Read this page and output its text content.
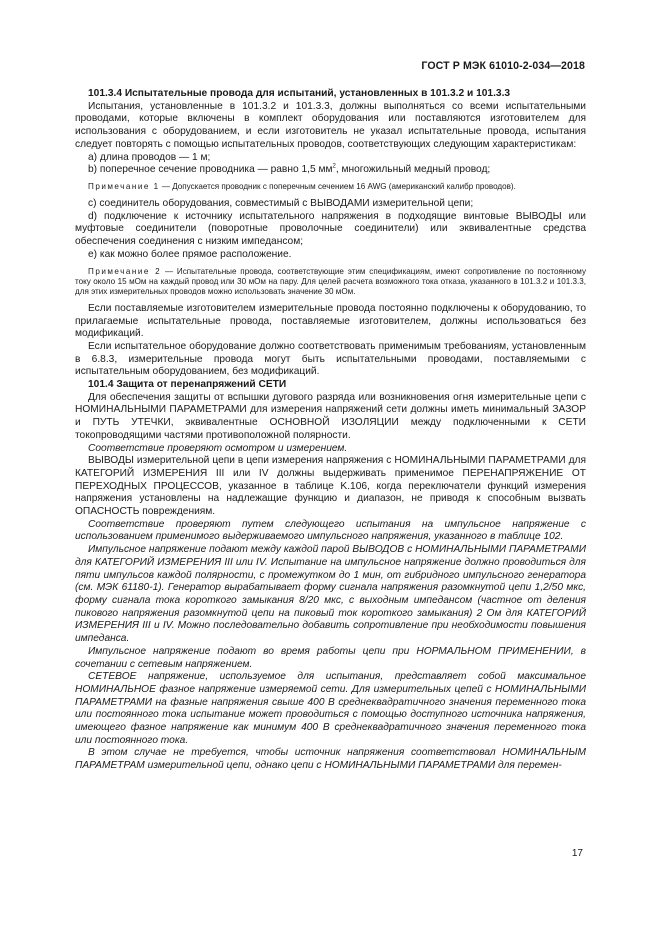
ГОСТ Р МЭК 61010-2-034—2018

101.3.4 Испытательные провода для испытаний, установленных в 101.3.2 и 101.3.3

Испытания, установленные в 101.3.2 и 101.3.3, должны выполняться со всеми испытательными проводами, которые включены в комплект оборудования или поставляются изготовителем для использования с оборудованием, и если изготовитель не указал испытательные провода, испытания следует повторять с помощью испытательных проводов, соответствующих следующим характеристикам:

а) длина проводов — 1 м;

b) поперечное сечение проводника — равно 1,5 $мм^2$, многожильный медный провод;

Примечание 1 — Допускается проводник с поперечным сечением 16 AWG (американский калибр проводов).

c) соединитель оборудования, совместимый с ВЫВОДАМИ измерительной цепи;

d) подключение к источнику испытательного напряжения в подходящие винтовые ВЫВОДЫ или муфтовые соединители (поворотные проволочные соединители) или эквивалентные средства обеспечения соединения с низким импедансом;

е) как можно более прямое расположение.

Примечание 2 — Испытательные провода, соответствующие этим спецификациям, имеют сопротивление по постоянному току около 15 мОм на каждый провод или 30 мОм на пару. Для целей расчета возможного тока отказа, указанного в 101.3.2 и 101.3.3, для этих измерительных проводов можно использовать значение 30 мОм.

Если поставляемые изготовителем измерительные провода постоянно подключены к оборудованию, то прилагаемые испытательные провода, поставляемые изготовителем, должны использоваться без модификаций.

Если испытательное оборудование должно соответствовать применимым требованиям, установленным в 6.8.3, измерительные провода могут быть испытательными проводами, поставляемыми с испытательным оборудованием, без модификаций.

101.4 Защита от перенапряжений СЕТИ

Для обеспечения защиты от вспышки дугового разряда или возникновения огня измерительные цепи с НОМИНАЛЬНЫМИ ПАРАМЕТРАМИ для измерения напряжений сети должны иметь минимальный ЗАЗОР и ПУТЬ УТЕЧКИ, эквивалентные ОСНОВНОЙ ИЗОЛЯЦИИ между подключенными к СЕТИ токопроводящими частями противоположной полярности.

Соответствие проверяют осмотром и измерением.

ВЫВОДЫ измерительной цепи в цепи измерения напряжения с НОМИНАЛЬНЫМИ ПАРАМЕТРАМИ для КАТЕГОРИЙ ИЗМЕРЕНИЯ III или IV должны выдерживать применимое ПЕРЕНАПРЯЖЕНИЕ ОТ ПЕРЕХОДНЫХ ПРОЦЕССОВ, указанное в таблице K.106, когда переключатели функций измерения напряжения установлены на надлежащие функцию и диапазон, не приводя к способным вызвать ОПАСНОСТЬ повреждениям.

Соответствие проверяют путем следующего испытания на импульсное напряжение с использованием применимого выдерживаемого импульсного напряжения, указанного в таблице 102.

Импульсное напряжение подают между каждой парой ВЫВОДОВ с НОМИНАЛЬНЫМИ ПАРАМЕТРАМИ для КАТЕГОРИЙ ИЗМЕРЕНИЯ III или IV. Испытание на импульсное напряжение должно проводиться для пяти импульсов каждой полярности, с промежутком до 1 мин, от гибридного импульсного генератора (см. МЭК 61180-1). Генератор вырабатывает форму сигнала напряжения разомкнутой цепи 1,2/50 мкс, форму сигнала тока короткого замыкания 8/20 мкс, с выходным импедансом (частное от деления пикового напряжения разомкнутой цепи на пиковый ток короткого замыкания) 2 Ом для КАТЕГОРИЙ ИЗМЕРЕНИЯ III и IV. Можно последовательно добавить сопротивление при необходимости повышения импеданса.

Импульсное напряжение подают во время работы цепи при НОРМАЛЬНОМ ПРИМЕНЕНИИ, в сочетании с сетевым напряжением.

СЕТЕВОЕ напряжение, используемое для испытания, представляет собой максимальное НОМИНАЛЬНОЕ фазное напряжение измеряемой сети. Для измерительных цепей с НОМИНАЛЬНЫМИ ПАРАМЕТРАМИ на фазные напряжения свыше 400 В среднеквадратичного значения переменного тока или постоянного тока испытание может проводиться с помощью доступного источника напряжения, имеющего фазное напряжение как минимум 400 В среднеквадратичного значения переменного тока или постоянного тока.

В этом случае не требуется, чтобы источник напряжения соответствовал НОМИНАЛЬНЫМ ПАРАМЕТРАМ измерительной цепи, однако цепи с НОМИНАЛЬНЫМИ ПАРАМЕТРАМИ для перемен-

17
